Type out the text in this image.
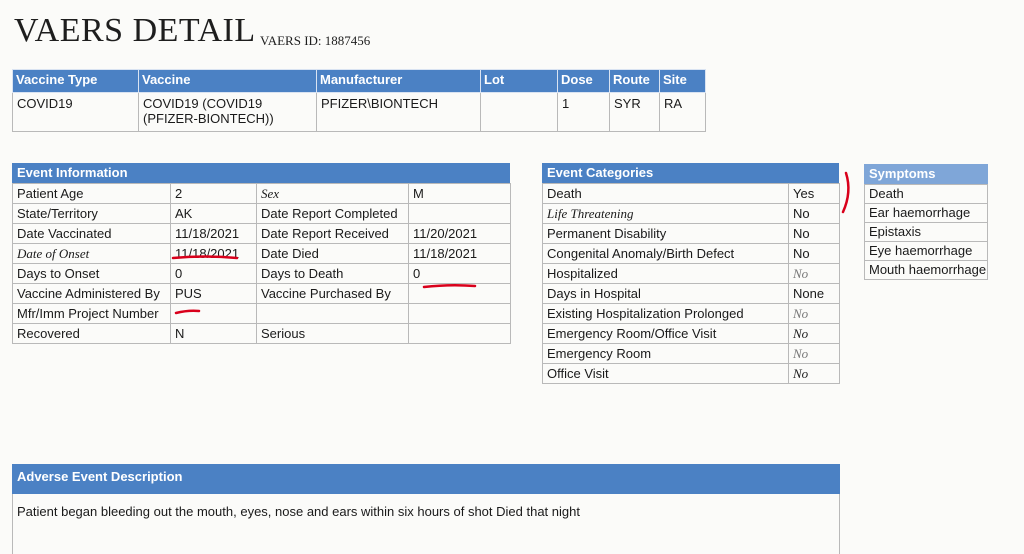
VAERS DETAIL VAERS ID: 1887456
Vaccine Type	Vaccine	Manufacturer	Lot	Dose	Route	Site
COVID19	COVID19 (COVID19 (PFIZER-BIONTECH))	PFIZER\BIONTECH		1	SYR	RA
Event Information
Patient Age	2	Sex	M
State/Territory	AK	Date Report Completed	
Date Vaccinated	11/18/2021	Date Report Received	11/20/2021
Date of Onset	11/18/2021	Date Died	11/18/2021
Days to Onset	0	Days to Death	0
Vaccine Administered By	PUS	Vaccine Purchased By	
Mfr/Imm Project Number			
Recovered	N	Serious	
Event Categories
Death	Yes
Life Threatening	No
Permanent Disability	No
Congenital Anomaly/Birth Defect	No
Hospitalized	No
Days in Hospital	None
Existing Hospitalization Prolonged	No
Emergency Room/Office Visit	No
Emergency Room	No
Office Visit	No
Symptoms
Death
Ear haemorrhage
Epistaxis
Eye haemorrhage
Mouth haemorrhage
Adverse Event Description
Patient began bleeding out the mouth, eyes, nose and ears within six hours of shot Died that night
